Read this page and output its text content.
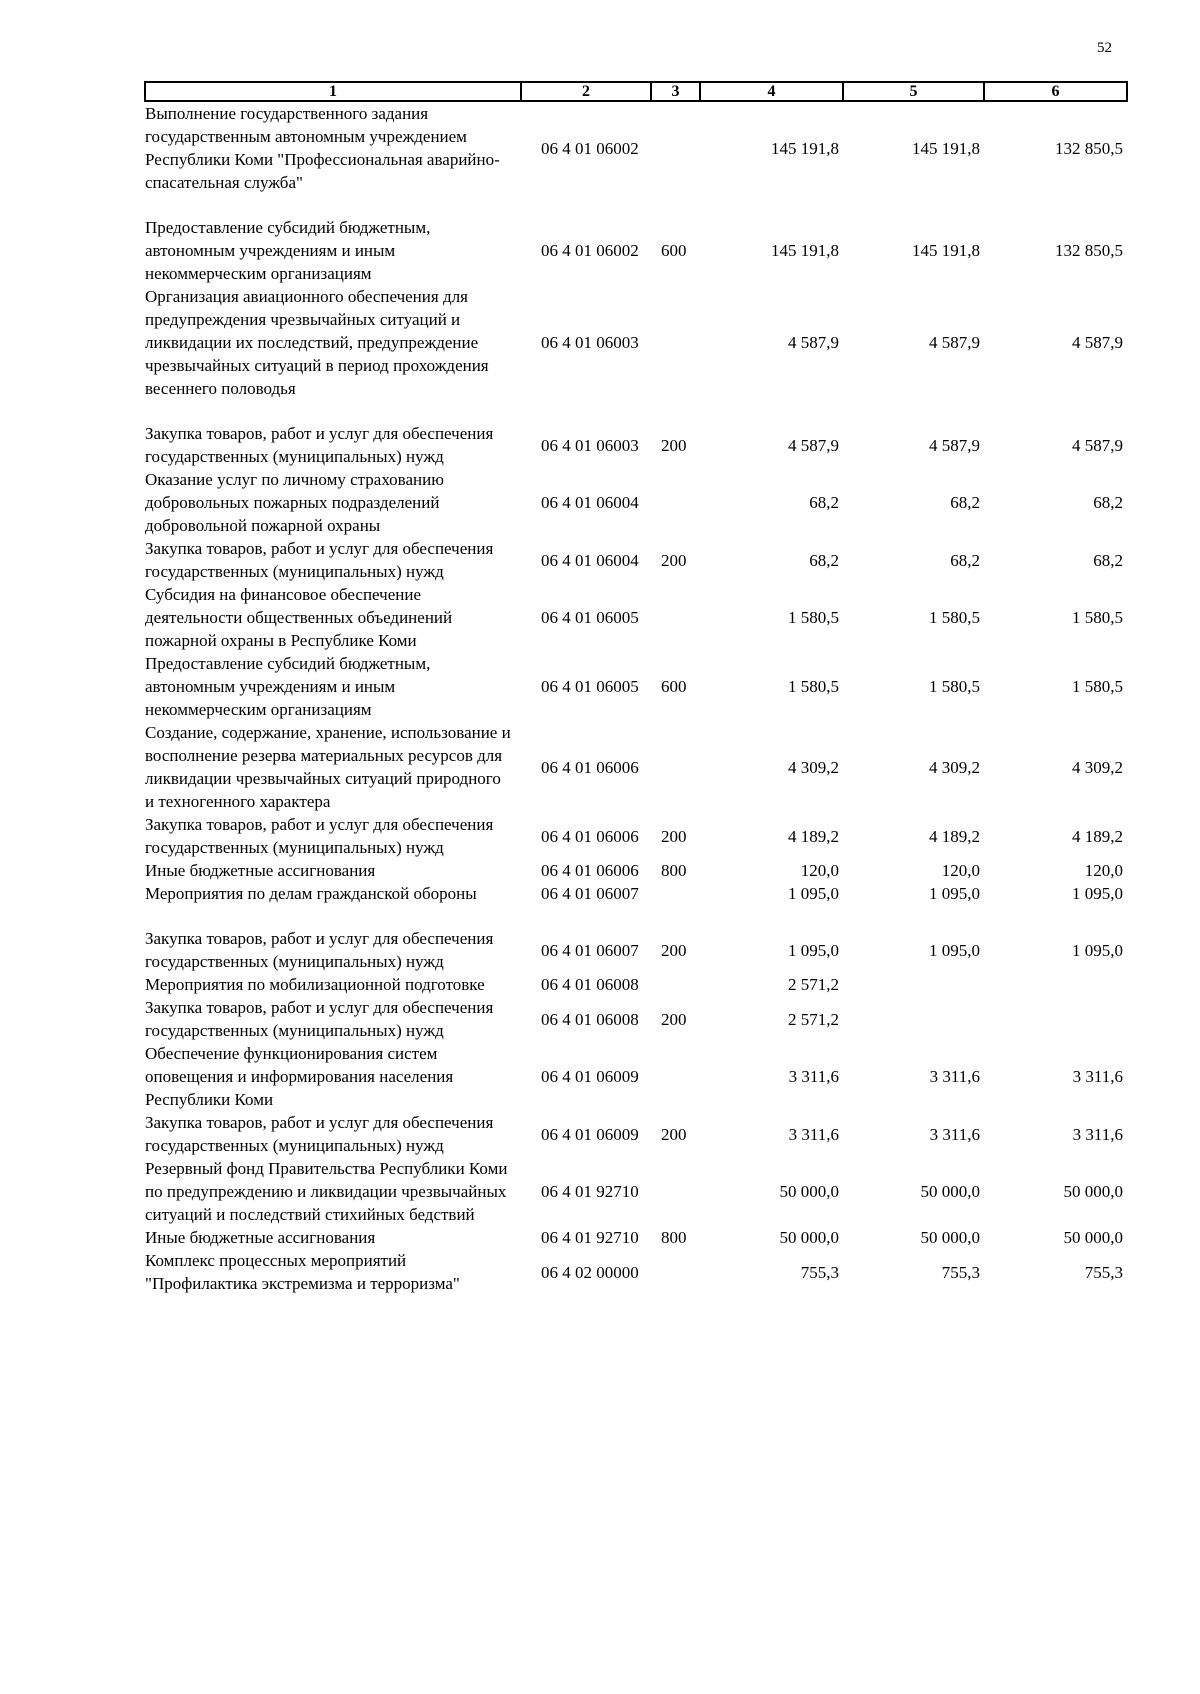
52
1	2	3	4	5	6
Выполнение государственного задания государственным автономным учреждением Республики Коми "Профессиональная аварийно-спасательная служба"	06 4 01 06002		145 191,8	145 191,8	132 850,5

Предоставление субсидий бюджетным, автономным учреждениям и иным некоммерческим организациям	06 4 01 06002	600	145 191,8	145 191,8	132 850,5
Организация авиационного обеспечения для предупреждения чрезвычайных ситуаций и ликвидации их последствий, предупреждение чрезвычайных ситуаций в период прохождения весеннего половодья	06 4 01 06003		4 587,9	4 587,9	4 587,9

Закупка товаров, работ и услуг для обеспечения государственных (муниципальных) нужд	06 4 01 06003	200	4 587,9	4 587,9	4 587,9
Оказание услуг по личному страхованию добровольных пожарных подразделений добровольной пожарной охраны	06 4 01 06004		68,2	68,2	68,2
Закупка товаров, работ и услуг для обеспечения государственных (муниципальных) нужд	06 4 01 06004	200	68,2	68,2	68,2
Субсидия на финансовое обеспечение деятельности общественных объединений пожарной охраны в Республике Коми	06 4 01 06005		1 580,5	1 580,5	1 580,5
Предоставление субсидий бюджетным, автономным учреждениям и иным некоммерческим организациям	06 4 01 06005	600	1 580,5	1 580,5	1 580,5
Создание, содержание, хранение, использование и восполнение резерва материальных ресурсов для ликвидации чрезвычайных ситуаций природного и техногенного характера	06 4 01 06006		4 309,2	4 309,2	4 309,2
Закупка товаров, работ и услуг для обеспечения государственных (муниципальных) нужд	06 4 01 06006	200	4 189,2	4 189,2	4 189,2
Иные бюджетные ассигнования	06 4 01 06006	800	120,0	120,0	120,0
Мероприятия по делам гражданской обороны	06 4 01 06007		1 095,0	1 095,0	1 095,0

Закупка товаров, работ и услуг для обеспечения государственных (муниципальных) нужд	06 4 01 06007	200	1 095,0	1 095,0	1 095,0
Мероприятия по мобилизационной подготовке	06 4 01 06008		2 571,2		
Закупка товаров, работ и услуг для обеспечения государственных (муниципальных) нужд	06 4 01 06008	200	2 571,2		
Обеспечение функционирования систем оповещения и информирования населения Республики Коми	06 4 01 06009		3 311,6	3 311,6	3 311,6
Закупка товаров, работ и услуг для обеспечения государственных (муниципальных) нужд	06 4 01 06009	200	3 311,6	3 311,6	3 311,6
Резервный фонд Правительства Республики Коми по предупреждению и ликвидации чрезвычайных ситуаций и последствий стихийных бедствий	06 4 01 92710		50 000,0	50 000,0	50 000,0
Иные бюджетные ассигнования	06 4 01 92710	800	50 000,0	50 000,0	50 000,0
Комплекс процессных мероприятий "Профилактика экстремизма и терроризма"	06 4 02 00000		755,3	755,3	755,3
